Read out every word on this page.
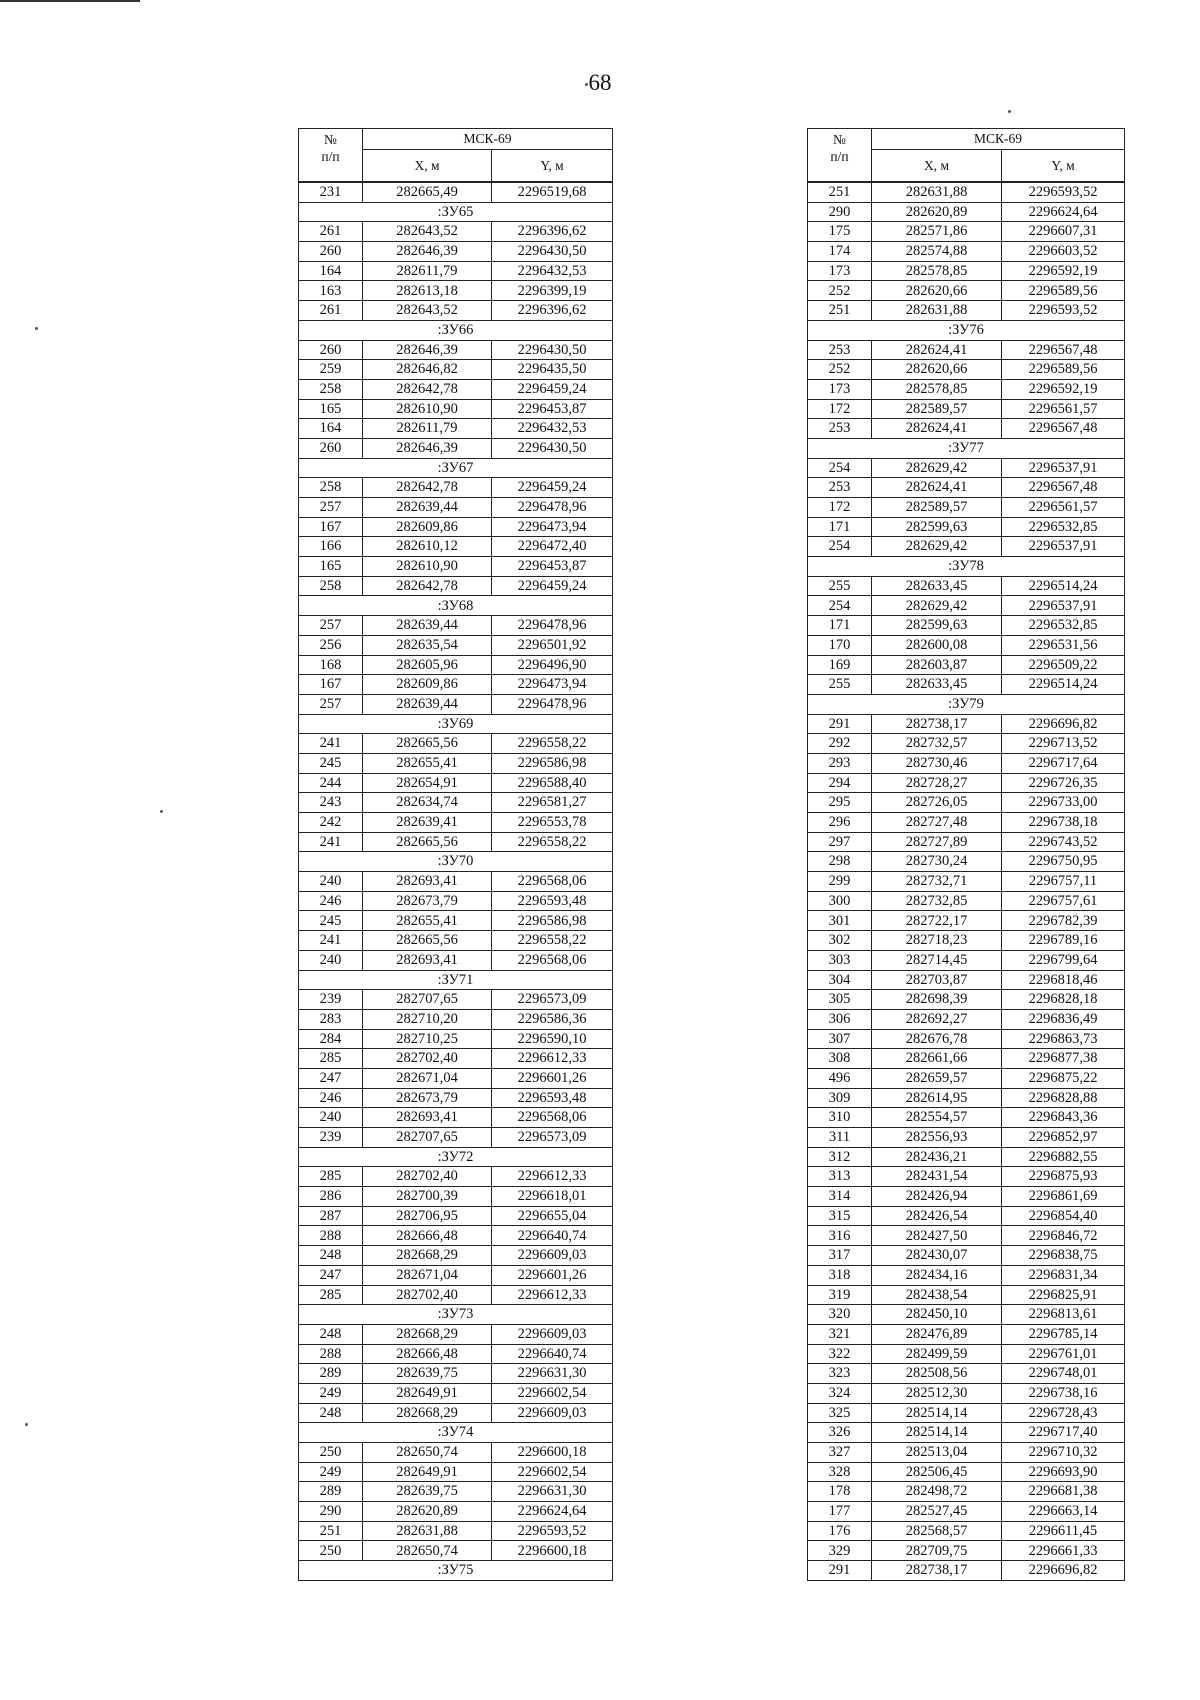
68
№
п/п	МСК-69	
	X, м	Y, м
231	282665,49	2296519,68
:ЗУ65		
261	282643,52	2296396,62
260	282646,39	2296430,50
164	282611,79	2296432,53
163	282613,18	2296399,19
261	282643,52	2296396,62
:ЗУ66		
260	282646,39	2296430,50
259	282646,82	2296435,50
258	282642,78	2296459,24
165	282610,90	2296453,87
164	282611,79	2296432,53
260	282646,39	2296430,50
:ЗУ67		
258	282642,78	2296459,24
257	282639,44	2296478,96
167	282609,86	2296473,94
166	282610,12	2296472,40
165	282610,90	2296453,87
258	282642,78	2296459,24
:ЗУ68		
257	282639,44	2296478,96
256	282635,54	2296501,92
168	282605,96	2296496,90
167	282609,86	2296473,94
257	282639,44	2296478,96
:ЗУ69		
241	282665,56	2296558,22
245	282655,41	2296586,98
244	282654,91	2296588,40
243	282634,74	2296581,27
242	282639,41	2296553,78
241	282665,56	2296558,22
:ЗУ70		
240	282693,41	2296568,06
246	282673,79	2296593,48
245	282655,41	2296586,98
241	282665,56	2296558,22
240	282693,41	2296568,06
:ЗУ71		
239	282707,65	2296573,09
283	282710,20	2296586,36
284	282710,25	2296590,10
285	282702,40	2296612,33
247	282671,04	2296601,26
246	282673,79	2296593,48
240	282693,41	2296568,06
239	282707,65	2296573,09
:ЗУ72		
285	282702,40	2296612,33
286	282700,39	2296618,01
287	282706,95	2296655,04
288	282666,48	2296640,74
248	282668,29	2296609,03
247	282671,04	2296601,26
285	282702,40	2296612,33
:ЗУ73		
248	282668,29	2296609,03
288	282666,48	2296640,74
289	282639,75	2296631,30
249	282649,91	2296602,54
248	282668,29	2296609,03
:ЗУ74		
250	282650,74	2296600,18
249	282649,91	2296602,54
289	282639,75	2296631,30
290	282620,89	2296624,64
251	282631,88	2296593,52
250	282650,74	2296600,18
:ЗУ75		
№
п/п	МСК-69	
	X, м	Y, м
251	282631,88	2296593,52
290	282620,89	2296624,64
175	282571,86	2296607,31
174	282574,88	2296603,52
173	282578,85	2296592,19
252	282620,66	2296589,56
251	282631,88	2296593,52
:ЗУ76		
253	282624,41	2296567,48
252	282620,66	2296589,56
173	282578,85	2296592,19
172	282589,57	2296561,57
253	282624,41	2296567,48
:ЗУ77		
254	282629,42	2296537,91
253	282624,41	2296567,48
172	282589,57	2296561,57
171	282599,63	2296532,85
254	282629,42	2296537,91
:ЗУ78		
255	282633,45	2296514,24
254	282629,42	2296537,91
171	282599,63	2296532,85
170	282600,08	2296531,56
169	282603,87	2296509,22
255	282633,45	2296514,24
:ЗУ79		
291	282738,17	2296696,82
292	282732,57	2296713,52
293	282730,46	2296717,64
294	282728,27	2296726,35
295	282726,05	2296733,00
296	282727,48	2296738,18
297	282727,89	2296743,52
298	282730,24	2296750,95
299	282732,71	2296757,11
300	282732,85	2296757,61
301	282722,17	2296782,39
302	282718,23	2296789,16
303	282714,45	2296799,64
304	282703,87	2296818,46
305	282698,39	2296828,18
306	282692,27	2296836,49
307	282676,78	2296863,73
308	282661,66	2296877,38
496	282659,57	2296875,22
309	282614,95	2296828,88
310	282554,57	2296843,36
311	282556,93	2296852,97
312	282436,21	2296882,55
313	282431,54	2296875,93
314	282426,94	2296861,69
315	282426,54	2296854,40
316	282427,50	2296846,72
317	282430,07	2296838,75
318	282434,16	2296831,34
319	282438,54	2296825,91
320	282450,10	2296813,61
321	282476,89	2296785,14
322	282499,59	2296761,01
323	282508,56	2296748,01
324	282512,30	2296738,16
325	282514,14	2296728,43
326	282514,14	2296717,40
327	282513,04	2296710,32
328	282506,45	2296693,90
178	282498,72	2296681,38
177	282527,45	2296663,14
176	282568,57	2296611,45
329	282709,75	2296661,33
291	282738,17	2296696,82
